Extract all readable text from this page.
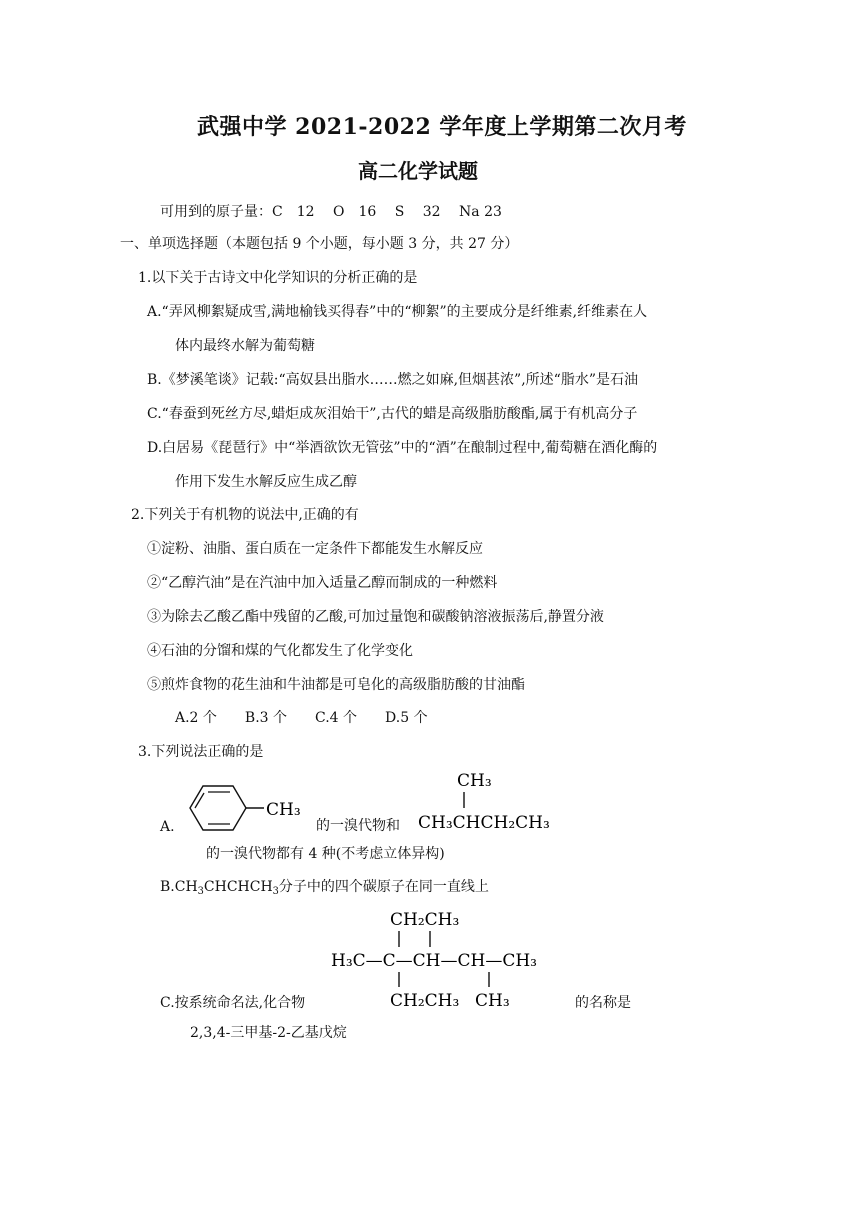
武强中学 2021-2022 学年度上学期第二次月考
高二化学试题
可用到的原子量：C　12　 O　16　 S　 32　 Na 23
一、单项选择题（本题包括 9 个小题，每小题 3 分，共 27 分）
1.以下关于古诗文中化学知识的分析正确的是
A.“弄风柳絮疑成雪,满地榆钱买得春”中的“柳絮”的主要成分是纤维素,纤维素在人
体内最终水解为葡萄糖
B.《梦溪笔谈》记载:“高奴县出脂水……燃之如麻,但烟甚浓”,所述“脂水”是石油
C.“春蚕到死丝方尽,蜡炬成灰泪始干”,古代的蜡是高级脂肪酸酯,属于有机高分子
D.白居易《琵琶行》中“举酒欲饮无管弦”中的“酒”在酿制过程中,葡萄糖在酒化酶的
作用下发生水解反应生成乙醇
2.下列关于有机物的说法中,正确的有
①淀粉、油脂、蛋白质在一定条件下都能发生水解反应
②“乙醇汽油”是在汽油中加入适量乙醇而制成的一种燃料
③为除去乙酸乙酯中残留的乙酸,可加过量饱和碳酸钠溶液振荡后,静置分液
④石油的分馏和煤的气化都发生了化学变化
⑤煎炸食物的花生油和牛油都是可皂化的高级脂肪酸的甘油酯
A.2 个　　B.3 个　　C.4 个　　D.5 个
3.下列说法正确的是
A.
CH₃
的一溴代物和
CH₃
CH₃CHCH₂CH₃
的一溴代物都有 4 种(不考虑立体异构)
$B.CH_3CHCHCH_3$分子中的四个碳原子在同一直线上
CH₂CH₃
H₃C—C—CH—CH—CH₃
CH₂CH₃ CH₃
C.按系统命名法,化合物	的名称是
2,3,4-三甲基-2-乙基戊烷
